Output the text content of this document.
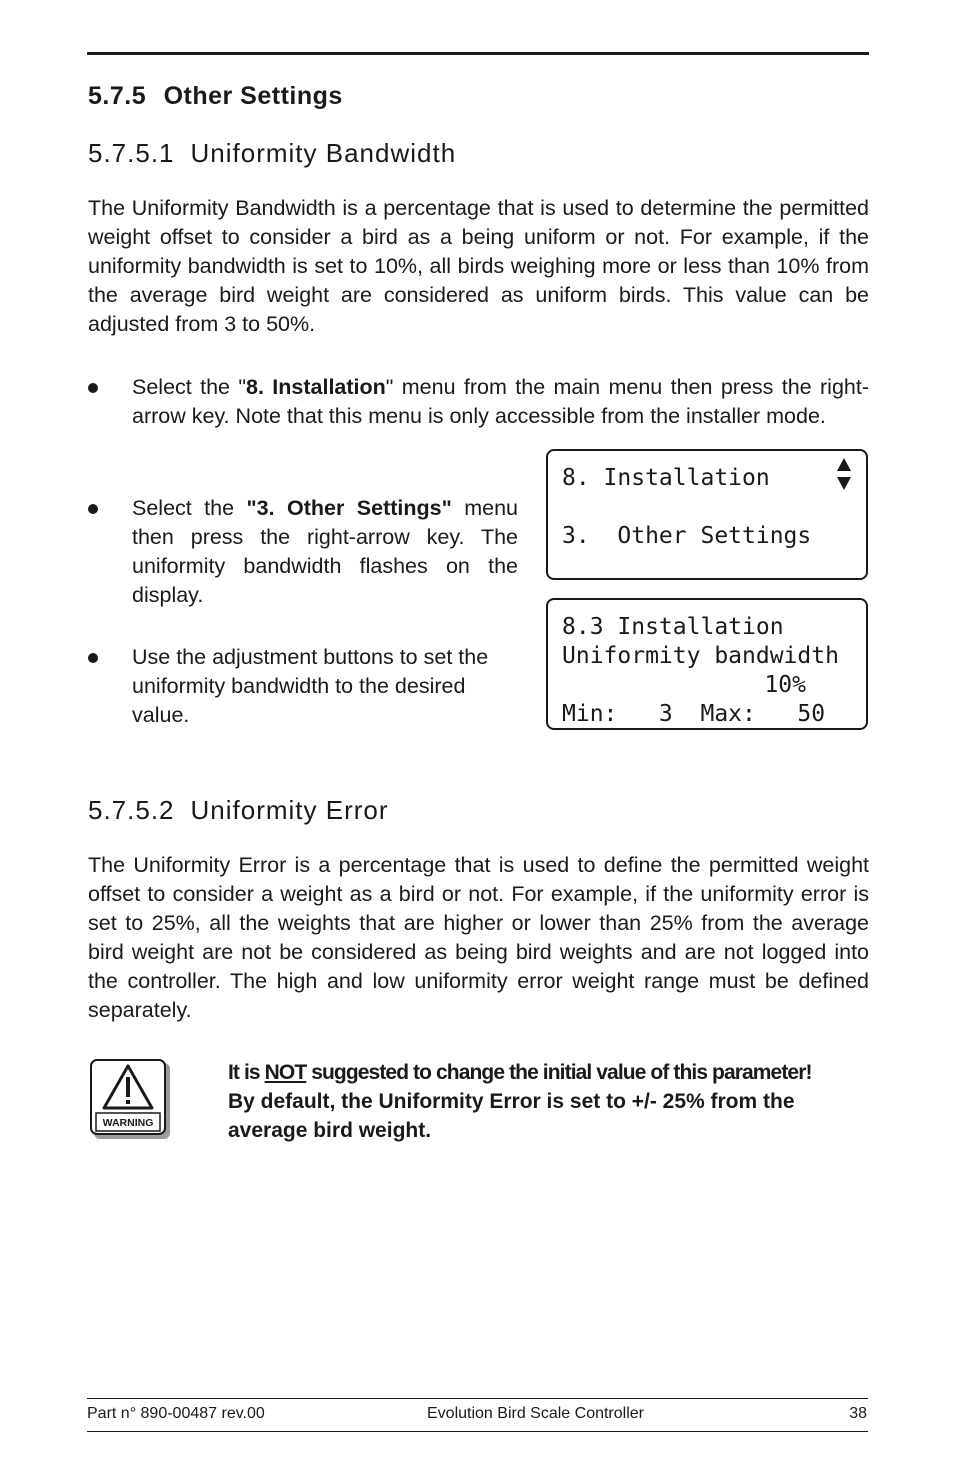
5.7.5 Other Settings
5.7.5.1 Uniformity Bandwidth

The Uniformity Bandwidth is a percentage that is used to determine the permitted weight offset to consider a bird as a being uniform or not. For example, if the uniformity bandwidth is set to 10%, all birds weighing more or less than 10% from the average bird weight are considered as uniform birds. This value can be adjusted from 3 to 50%.

Select the "8. Installation" menu from the main menu then press the right-arrow key. Note that this menu is only accessible from the installer mode.

Select the "3. Other Settings" menu then press the right-arrow key. The uniformity bandwidth flashes on the display.

Use the adjustment buttons to set the uniformity bandwidth to the desired value.

8. Installation
3.  Other Settings
8.3 Installation
Uniformity bandwidth
10%
Min:   3  Max:   50
5.7.5.2 Uniformity Error

The Uniformity Error is a percentage that is used to define the permitted weight offset to consider a weight as a bird or not. For example, if the uniformity error is set to 25%, all the weights that are higher or lower than 25% from the average bird weight are not be considered as being bird weights and are not logged into the controller. The high and low uniformity error weight range must be defined separately.

WARNING

It is NOT suggested to change the initial value of this parameter!
By default, the Uniformity Error is set to +/- 25% from the average bird weight.

Part n° 890-00487 rev.00	Evolution Bird Scale Controller	38
